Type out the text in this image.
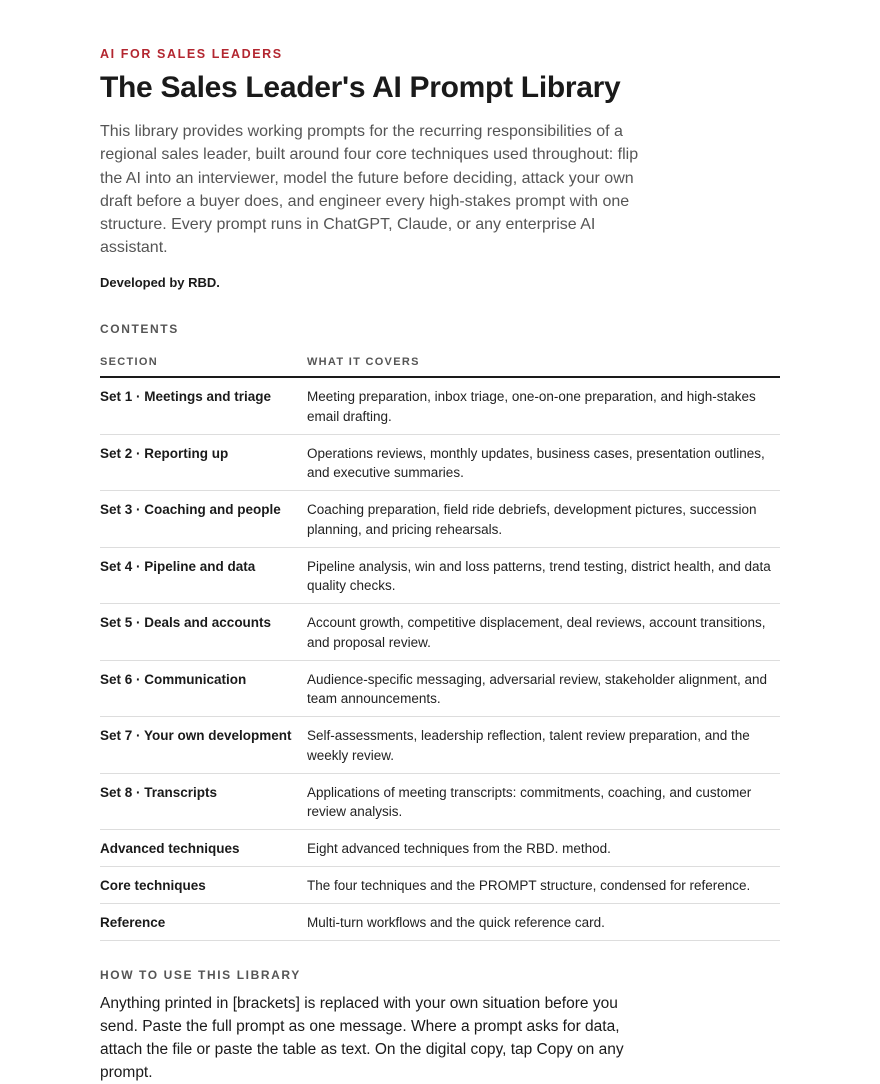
AI FOR SALES LEADERS
The Sales Leader's AI Prompt Library

This library provides working prompts for the recurring responsibilities of a regional sales leader, built around four core techniques used throughout: flip the AI into an interviewer, model the future before deciding, attack your own draft before a buyer does, and engineer every high-stakes prompt with one structure. Every prompt runs in ChatGPT, Claude, or any enterprise AI assistant.

Developed by RBD.

CONTENTS
SECTION	WHAT IT COVERS
Set 1 · Meetings and triage	Meeting preparation, inbox triage, one-on-one preparation, and high-stakes email drafting.
Set 2 · Reporting up	Operations reviews, monthly updates, business cases, presentation outlines, and executive summaries.
Set 3 · Coaching and people	Coaching preparation, field ride debriefs, development pictures, succession planning, and pricing rehearsals.
Set 4 · Pipeline and data	Pipeline analysis, win and loss patterns, trend testing, district health, and data quality checks.
Set 5 · Deals and accounts	Account growth, competitive displacement, deal reviews, account transitions, and proposal review.
Set 6 · Communication	Audience-specific messaging, adversarial review, stakeholder alignment, and team announcements.
Set 7 · Your own development	Self-assessments, leadership reflection, talent review preparation, and the weekly review.
Set 8 · Transcripts	Applications of meeting transcripts: commitments, coaching, and customer review analysis.
Advanced techniques	Eight advanced techniques from the RBD. method.
Core techniques	The four techniques and the PROMPT structure, condensed for reference.
Reference	Multi-turn workflows and the quick reference card.
HOW TO USE THIS LIBRARY

Anything printed in [brackets] is replaced with your own situation before you send. Paste the full prompt as one message. Where a prompt asks for data, attach the file or paste the table as text. On the digital copy, tap Copy on any prompt.
